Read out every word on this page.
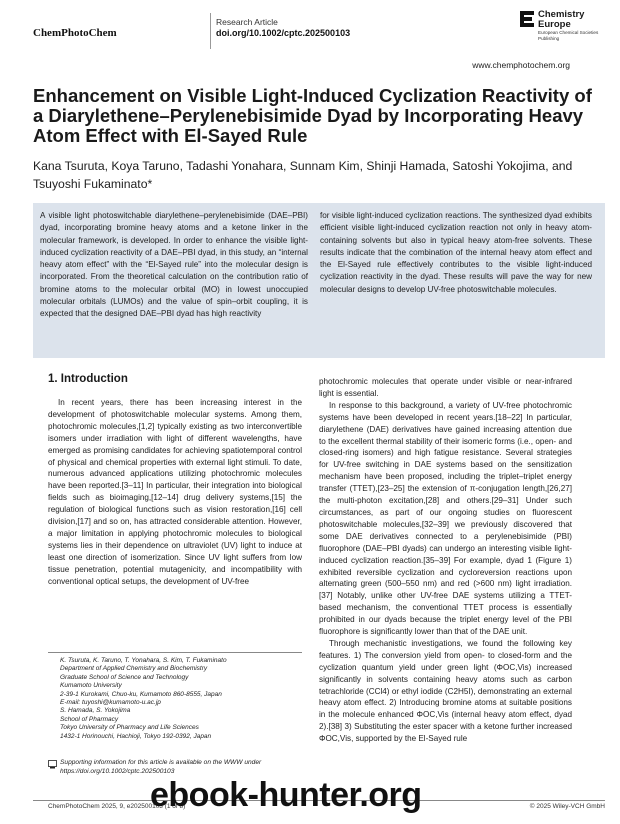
ChemPhotoChem
Research Article
doi.org/10.1002/cptc.202500103
Chemistry Europe
European Chemical Societies Publishing
www.chemphotochem.org
Enhancement on Visible Light-Induced Cyclization Reactivity of a Diarylethene–Perylenebisimide Dyad by Incorporating Heavy Atom Effect with El-Sayed Rule
Kana Tsuruta, Koya Taruno, Tadashi Yonahara, Sunnam Kim, Shinji Hamada, Satoshi Yokojima, and Tsuyoshi Fukaminato*
A visible light photoswitchable diarylethene–perylenebisimide (DAE–PBI) dyad, incorporating bromine heavy atoms and a ketone linker in the molecular framework, is developed. In order to enhance the visible light-induced cyclization reactivity of a DAE–PBI dyad, in this study, an “internal heavy atom effect” with the “El-Sayed rule” into the molecular design is incorporated. From the theoretical calculation on the contribution ratio of bromine atoms to the molecular orbital (MO) in lowest unoccupied molecular orbitals (LUMOs) and the value of spin–orbit coupling, it is expected that the designed DAE–PBI dyad has high reactivity
for visible light-induced cyclization reactions. The synthesized dyad exhibits efficient visible light-induced cyclization reaction not only in heavy atom-containing solvents but also in typical heavy atom-free solvents. These results indicate that the combination of the internal heavy atom effect and the El-Sayed rule effectively contributes to the visible light-induced cyclization reactivity in the dyad. These results will pave the way for new molecular designs to develop UV-free photoswitchable molecules.
1. Introduction
In recent years, there has been increasing interest in the development of photoswitchable molecular systems. Among them, photochromic molecules,[1,2] typically existing as two interconvertible isomers under irradiation with light of different wavelengths, have emerged as promising candidates for achieving spatiotemporal control of physical and chemical properties with external light stimuli. To date, numerous advanced applications utilizing photochromic molecules have been reported.[3–11] In particular, their integration into biological fields such as bioimaging,[12–14] drug delivery systems,[15] the regulation of biological functions such as vision restoration,[16] cell division,[17] and so on, has attracted considerable attention. However, a major limitation in applying photochromic molecules to biological systems lies in their dependence on ultraviolet (UV) light to induce at least one direction of isomerization. Since UV light suffers from low tissue penetration, potential mutagenicity, and incompatibility with conventional optical setups, the development of UV-free

photochromic molecules that operate under visible or near-infrared light is essential.

In response to this background, a variety of UV-free photochromic systems have been developed in recent years.[18–22] In particular, diarylethene (DAE) derivatives have gained increasing attention due to the excellent thermal stability of their isomeric forms (i.e., open- and closed-ring isomers) and high fatigue resistance. Several strategies for UV-free switching in DAE systems based on the sensitization mechanism have been proposed, including the triplet–triplet energy transfer (TTET),[23–25] the extension of π-conjugation length,[26,27] the multi-photon excitation,[28] and others.[29–31] Under such circumstances, as part of our ongoing studies on fluorescent photoswitchable molecules,[32–39] we previously discovered that some DAE derivatives connected to a perylenebisimide (PBI) fluorophore (DAE–PBI dyads) can undergo an interesting visible light-induced cyclization reaction.[35–39] For example, dyad 1 (Figure 1) exhibited reversible cyclization and cycloreversion reactions upon alternating green (500–550 nm) and red (>600 nm) light irradiation.[37] Notably, unlike other UV-free DAE systems utilizing a TTET-based mechanism, the conventional TTET process is essentially prohibited in our dyads because the triplet energy level of the PBI fluorophore is significantly lower than that of the DAE unit.

Through mechanistic investigations, we found the following key features. 1) The conversion yield from open- to closed-form and the cyclization quantum yield under green light (ΦOC,Vis) increased significantly in solvents containing heavy atoms such as carbon tetrachloride (CCl4) or ethyl iodide (C2H5I), demonstrating an external heavy atom effect. 2) Introducing bromine atoms at suitable positions in the molecule enhanced ΦOC,Vis (internal heavy atom effect, dyad 2).[38] 3) Substituting the ester spacer with a ketone further increased ΦOC,Vis, supported by the El-Sayed rule

K. Tsuruta, K. Taruno, T. Yonahara, S. Kim, T. Fukaminato
Department of Applied Chemistry and Biochemistry
Graduate School of Science and Technology
Kumamoto University
2-39-1 Kurokami, Chuo-ku, Kumamoto 860-8555, Japan
E-mail: tuyoshi@kumamoto-u.ac.jp
S. Hamada, S. Yokojima
School of Pharmacy
Tokyo University of Pharmacy and Life Sciences
1432-1 Horinouchi, Hachioji, Tokyo 192-0392, Japan
Supporting information for this article is available on the WWW under https://doi.org/10.1002/cptc.202500103
ChemPhotoChem 2025, 9, e202500103 (1 of 8)	© 2025 Wiley-VCH GmbH
ebook-hunter.org
